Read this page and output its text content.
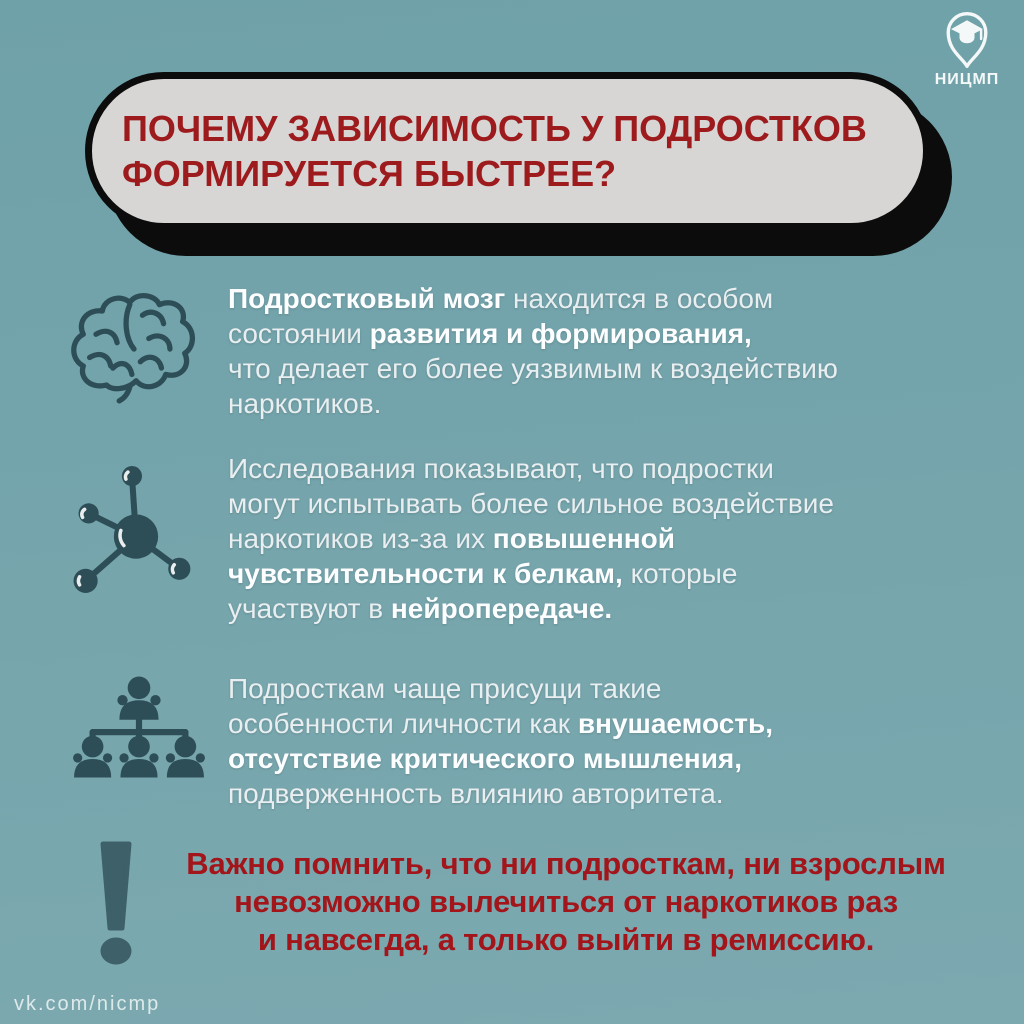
НИЦМП
ПОЧЕМУ ЗАВИСИМОСТЬ У ПОДРОСТКОВ
ФОРМИРУЕТСЯ БЫСТРЕЕ?
Подростковый мозг находится в особом
состоянии развития и формирования,
что делает его более уязвимым к воздействию
наркотиков.
Исследования показывают, что подростки
могут испытывать более сильное воздействие
наркотиков из-за их повышенной
чувствительности к белкам, которые
участвуют в нейропередаче.
Подросткам чаще присущи такие
особенности личности как внушаемость,
отсутствие критического мышления,
подверженность влиянию авторитета.
Важно помнить, что ни подросткам, ни взрослым
невозможно вылечиться от наркотиков раз
и навсегда, а только выйти в ремиссию.
vk.com/nicmp
